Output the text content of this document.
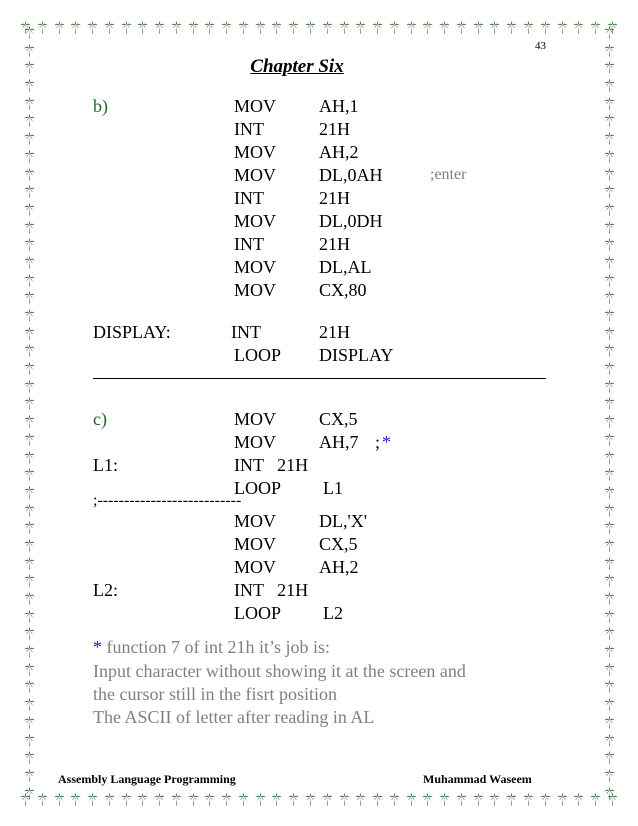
43
Chapter Six
b)	MOV AH,1
INT	21H
MOV AH,2
MOV DL,0AH	;enter
INT	21H
MOV DL,0DH
INT	21H
MOV DL,AL
MOV CX,80
DISPLAY:	INT	21H
LOOP DISPLAY
c)	MOV CX,5
MOV AH,7 ; *
L1:	INT   21H
LOOP L1
;---------------------------
MOV DL,'X'
MOV CX,5
MOV AH,2
L2:	INT   21H
LOOP L2
* function 7 of int 21h it’s job is:
Input character without showing it at the screen and
the cursor still in the fisrt position
The ASCII of letter after reading in AL
Assembly Language Programming	Muhammad Waseem
